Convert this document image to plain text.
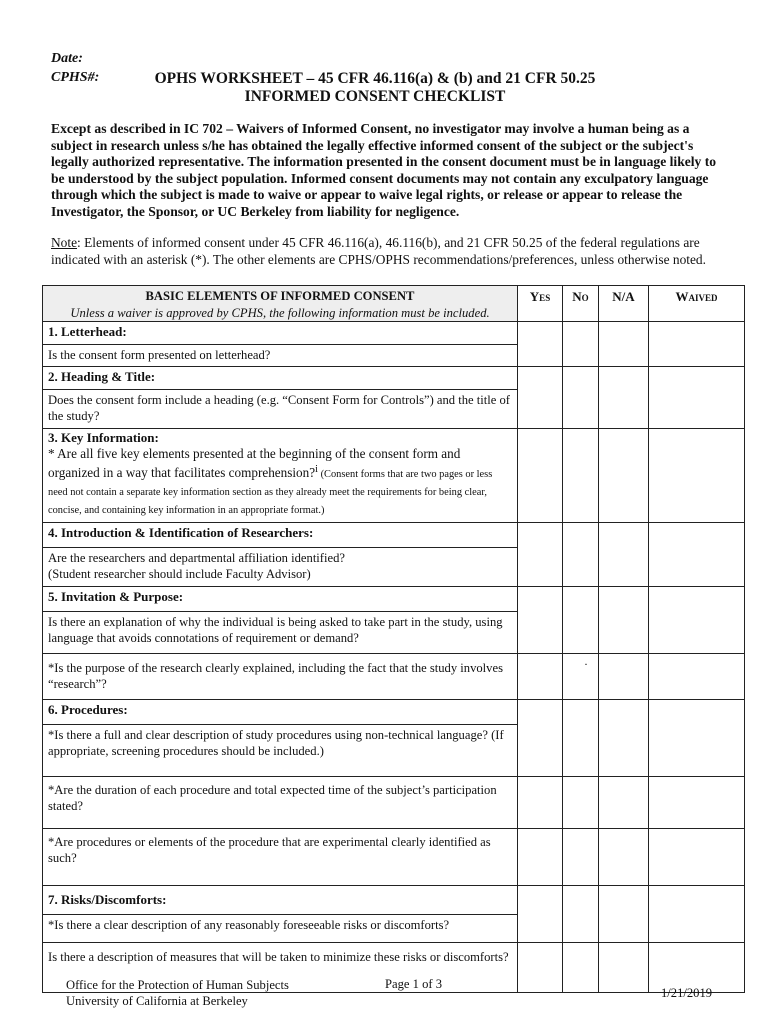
Date:
CPHS#:	OPHS WORKSHEET – 45 CFR 46.116(a) & (b) and 21 CFR 50.25
INFORMED CONSENT CHECKLIST
Except as described in IC 702 – Waivers of Informed Consent, no investigator may involve a human being as a subject in research unless s/he has obtained the legally effective informed consent of the subject or the subject's legally authorized representative. The information presented in the consent document must be in language likely to be understood by the subject population. Informed consent documents may not contain any exculpatory language through which the subject is made to waive or appear to waive legal rights, or release or appear to release the Investigator, the Sponsor, or UC Berkeley from liability for negligence.
Note: Elements of informed consent under 45 CFR 46.116(a), 46.116(b), and 21 CFR 50.25 of the federal regulations are indicated with an asterisk (*). The other elements are CPHS/OPHS recommendations/preferences, unless otherwise noted.
BASIC ELEMENTS OF INFORMED CONSENT
Unless a waiver is approved by CPHS, the following information must be included.	Yes	No	N/A	Waived
1. Letterhead:				
Is the consent form presented on letterhead?				
2. Heading & Title:				
Does the consent form include a heading (e.g. “Consent Form for Controls”) and the title of the study?				

3. Key Information:
* Are all five key elements presented at the beginning of the consent form and organized in a way that facilitates comprehension?$^i$ (Consent forms that are two pages or less need not contain a separate key information section as they already meet the requirements for being clear, concise, and containing key information in an appropriate format.)				
4. Introduction & Identification of Researchers:				

Are the researchers and departmental affiliation identified?
(Student researcher should include Faculty Advisor)				

5. Invitation & Purpose:				
Is there an explanation of why the individual is being asked to take part in the study, using language that avoids connotations of requirement or demand?				
*Is the purpose of the research clearly explained, including the fact that the study involves “research”?		·		

6. Procedures:				
*Is there a full and clear description of study procedures using non-technical language? (If appropriate, screening procedures should be included.)				
*Are the duration of each procedure and total expected time of the subject’s participation stated?				
*Are procedures or elements of the procedure that are experimental clearly identified as such?				
7. Risks/Discomforts:				
*Is there a clear description of any reasonably foreseeable risks or discomforts?				
Is there a description of measures that will be taken to minimize these risks or discomforts?				
Office for the Protection of Human Subjects
University of California at Berkeley
Page 1 of 3
1/21/2019
